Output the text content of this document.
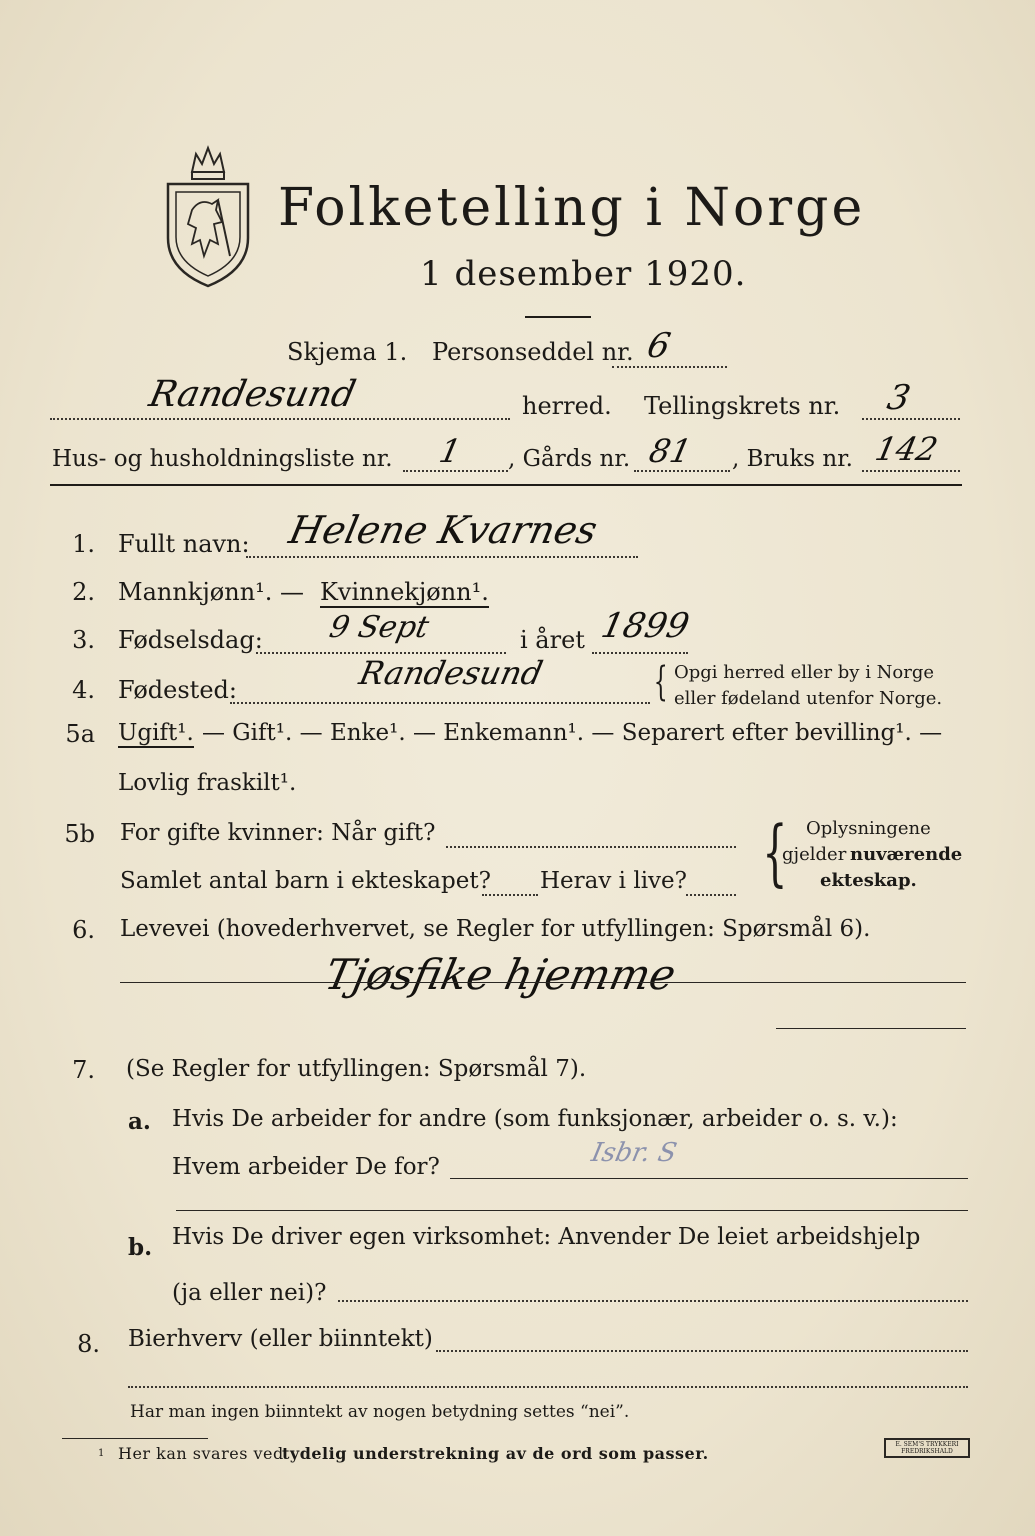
Folketelling i Norge
1 desember 1920.
Skjema 1. Personseddel nr. 6
Randesund	herred. Tellingskrets nr. 3
Hus- og husholdningsliste nr. 1 , Gårds nr. 81 , Bruks nr. 142
1. Fullt navn: Helene Kvarnes
2. Mannkjønn¹. — Kvinnekjønn¹.
3. Fødselsdag: 9 Sept	i året 1899
4. Fødested:	Randesund	{ Opgi herred eller by i Norge
eller fødeland utenfor Norge.
5a Ugift¹. — Gift¹. — Enke¹. — Enkemann¹. — Separert efter bevilling¹. —
Lovlig fraskilt¹.
5b For gifte kvinner: Når gift?
Samlet antal barn i ekteskapet? Herav i live? { Oplysningene
gjelder nuværende
ekteskap.
6. Levevei (hovederhvervet, se Regler for utfyllingen: Spørsmål 6).
Tjøsfike hjemme
7. (Se Regler for utfyllingen: Spørsmål 7).
a. Hvis De arbeider for andre (som funksjonær, arbeider o. s. v.):
Hvem arbeider De for?	Isbr. S
b. Hvis De driver egen virksomhet: Anvender De leiet arbeidshjelp
(ja eller nei)?
8. Bierhverv (eller biinntekt)
Har man ingen biinntekt av nogen betydning settes “nei”.
1 Her kan svares ved
tydelig understrekning av de ord som passer.	E. SEM'S TRYKKERI
FREDRIKSHALD
